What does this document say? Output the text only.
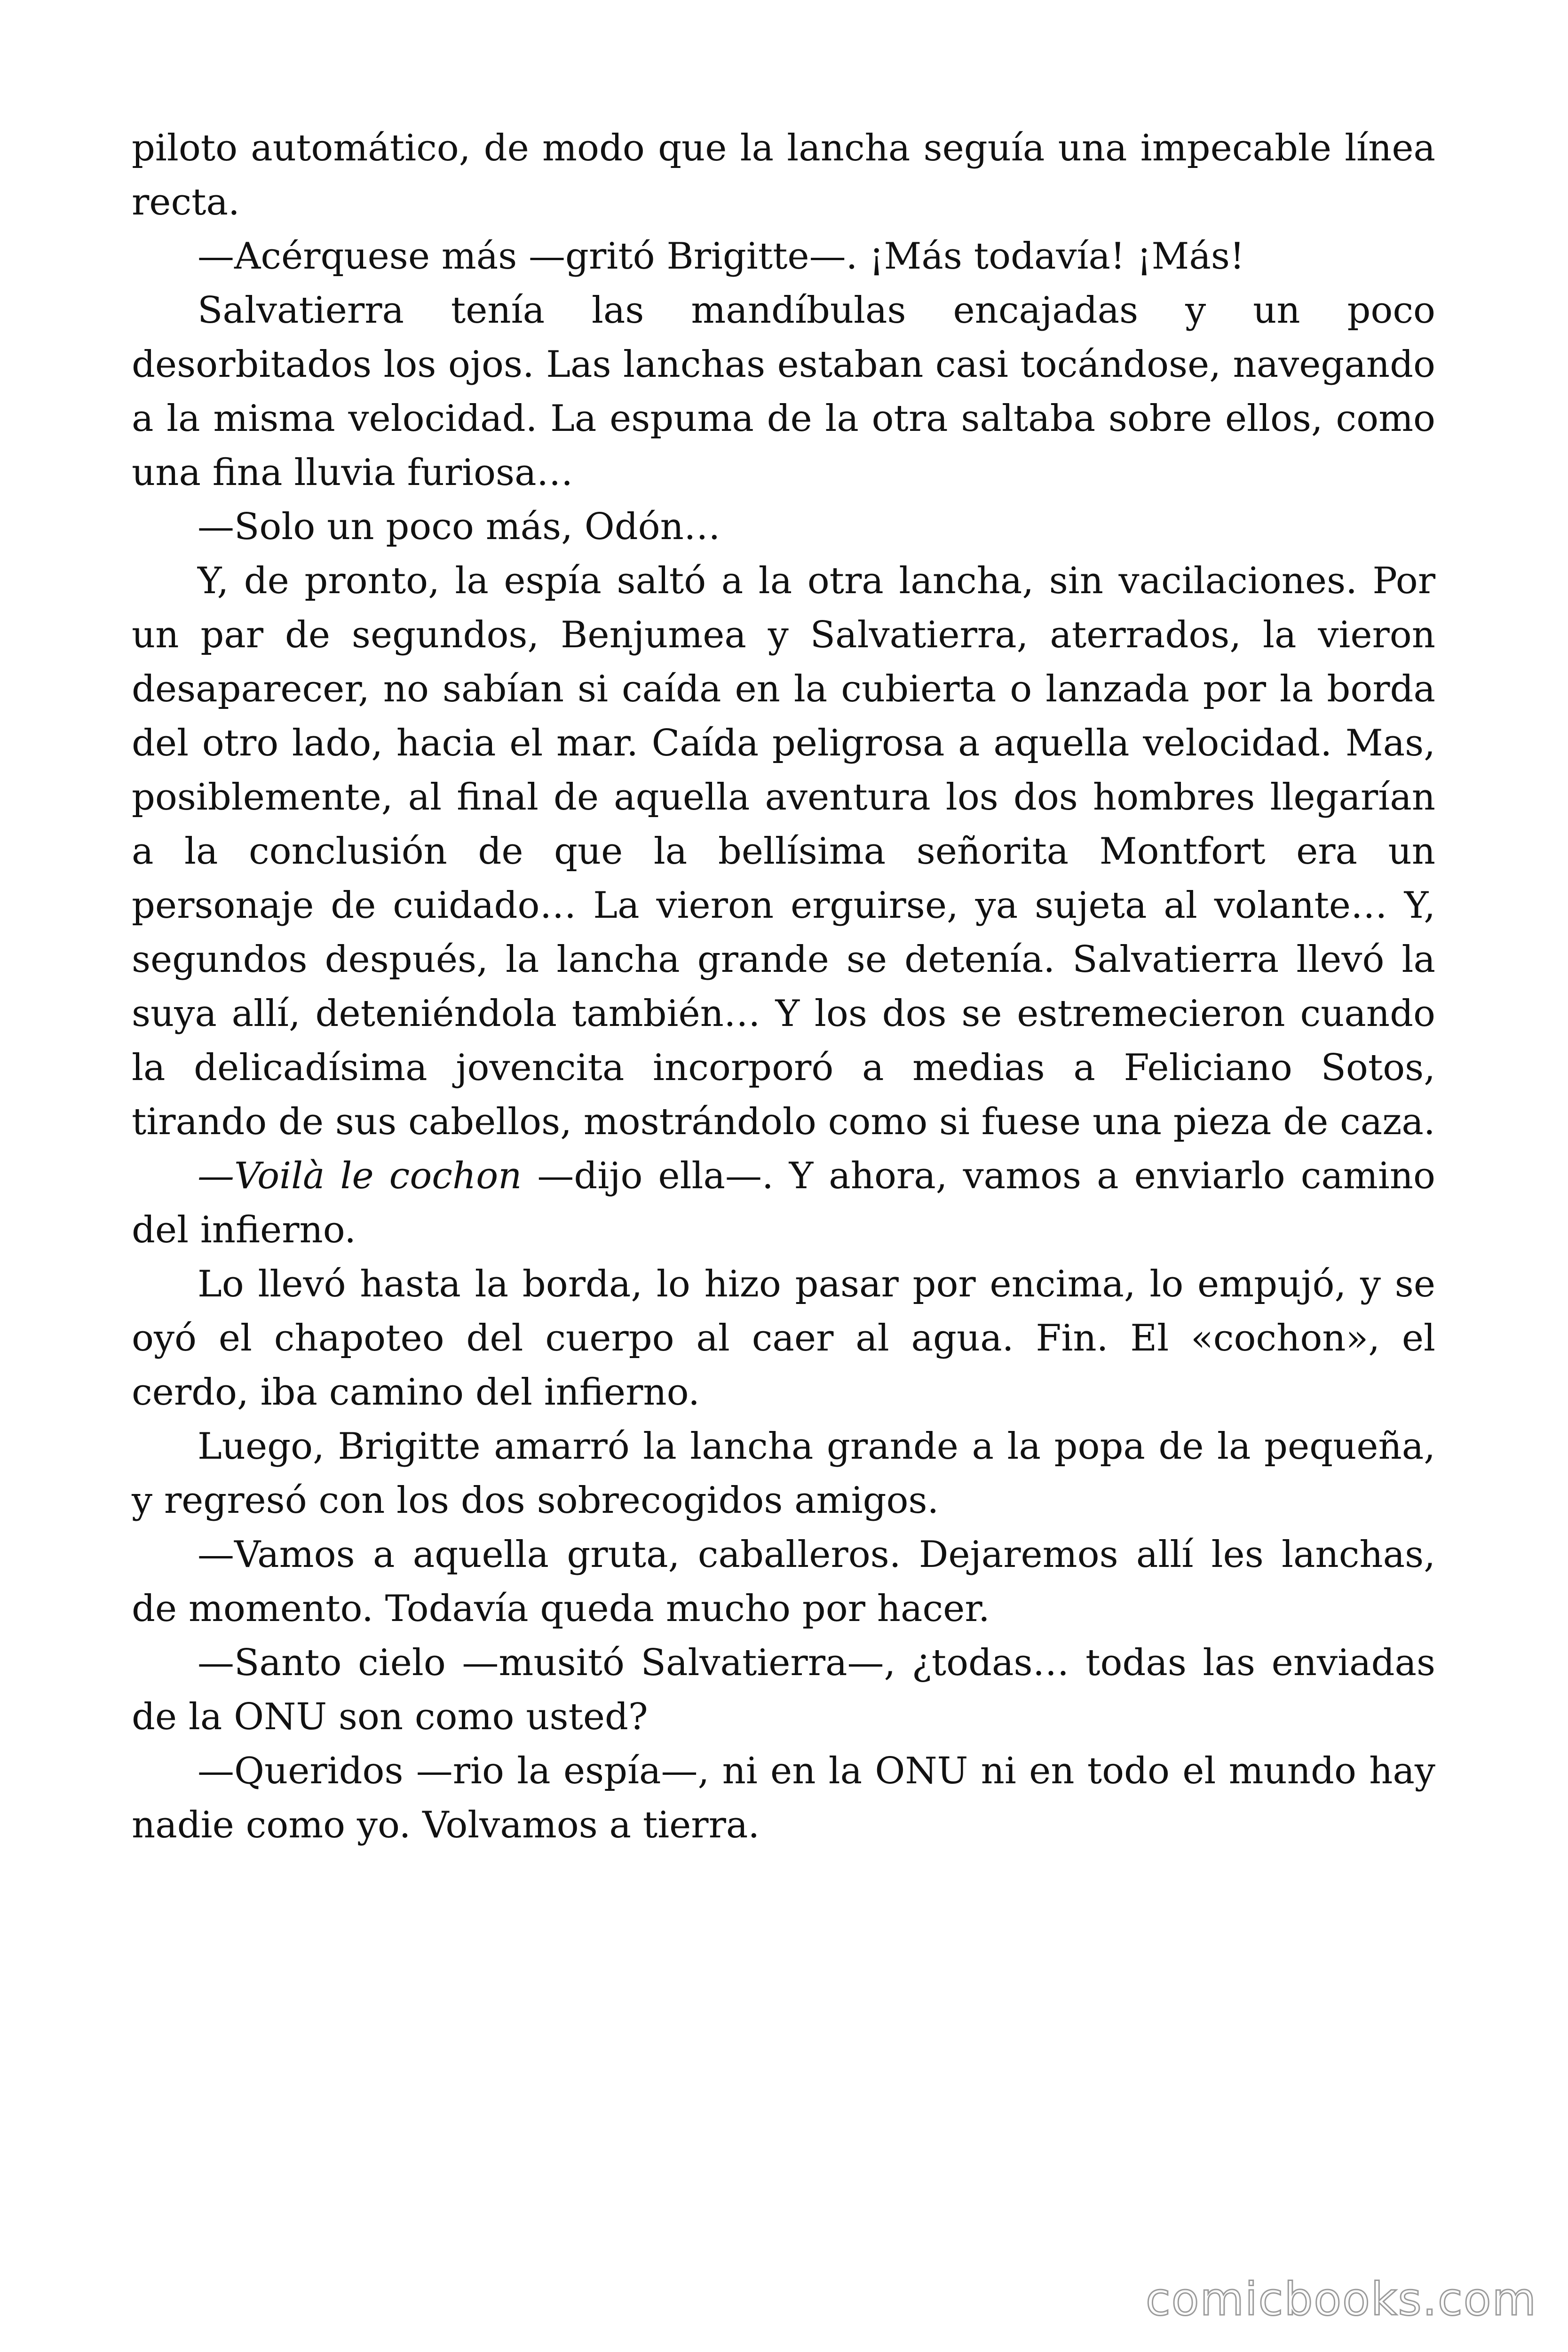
piloto automático, de modo que la lancha seguía una impecable línea recta.

—Acérquese más —gritó Brigitte—. ¡Más todavía! ¡Más!

Salvatierra tenía las mandíbulas encajadas y un poco desorbitados los ojos. Las lanchas estaban casi tocándose, navegando a la misma velocidad. La espuma de la otra saltaba sobre ellos, como una fina lluvia furiosa…

—Solo un poco más, Odón…

Y, de pronto, la espía saltó a la otra lancha, sin vacilaciones. Por un par de segundos, Benjumea y Salvatierra, aterrados, la vieron desaparecer, no sabían si caída en la cubierta o lanzada por la borda del otro lado, hacia el mar. Caída peligrosa a aquella velocidad. Mas, posiblemente, al final de aquella aventura los dos hombres llegarían a la conclusión de que la bellísima señorita Montfort era un personaje de cuidado… La vieron erguirse, ya sujeta al volante… Y, segundos después, la lancha grande se detenía. Salvatierra llevó la suya allí, deteniéndola también… Y los dos se estremecieron cuando la delicadísima jovencita incorporó a medias a Feliciano Sotos, tirando de sus cabellos, mostrándolo como si fuese una pieza de caza.

—Voilà le cochon —dijo ella—. Y ahora, vamos a enviarlo camino del infierno.

Lo llevó hasta la borda, lo hizo pasar por encima, lo empujó, y se oyó el chapoteo del cuerpo al caer al agua. Fin. El «cochon», el cerdo, iba camino del infierno.

Luego, Brigitte amarró la lancha grande a la popa de la pequeña, y regresó con los dos sobrecogidos amigos.

—Vamos a aquella gruta, caballeros. Dejaremos allí les lanchas, de momento. Todavía queda mucho por hacer.

—Santo cielo —musitó Salvatierra—, ¿todas… todas las enviadas de la ONU son como usted?

—Queridos —rio la espía—, ni en la ONU ni en todo el mundo hay nadie como yo. Volvamos a tierra.

comicbooks.com
